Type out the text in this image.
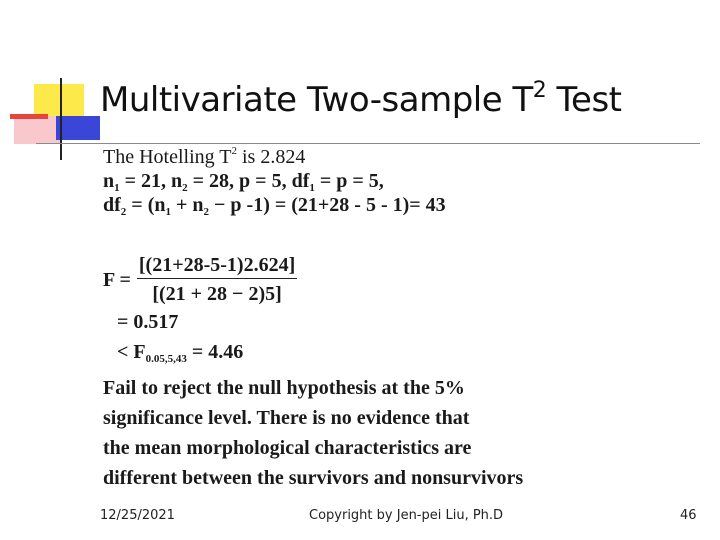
Multivariate Two-sample $T^2$ Test
The Hotelling $T^2$ is 2.824
$n_1 = 21$, $n_2 = 28$, p = 5, $df_1 = p = 5$,
$df_2 = (n_1 + n_2 - p$ -1) = (21+28 - 5 - 1)= 43
$F = \frac{[(21+28-5-1)2.624]}{[(21 + 28 - 2)5]}$
= 0.517
< $F_{0.05,5,43} = 4.46$
Fail to reject the null hypothesis at the 5%
significance level. There is no evidence that
the mean morphological characteristics are
different between the survivors and nonsurvivors
12/25/2021	Copyright by Jen-pei Liu, Ph.D	46
